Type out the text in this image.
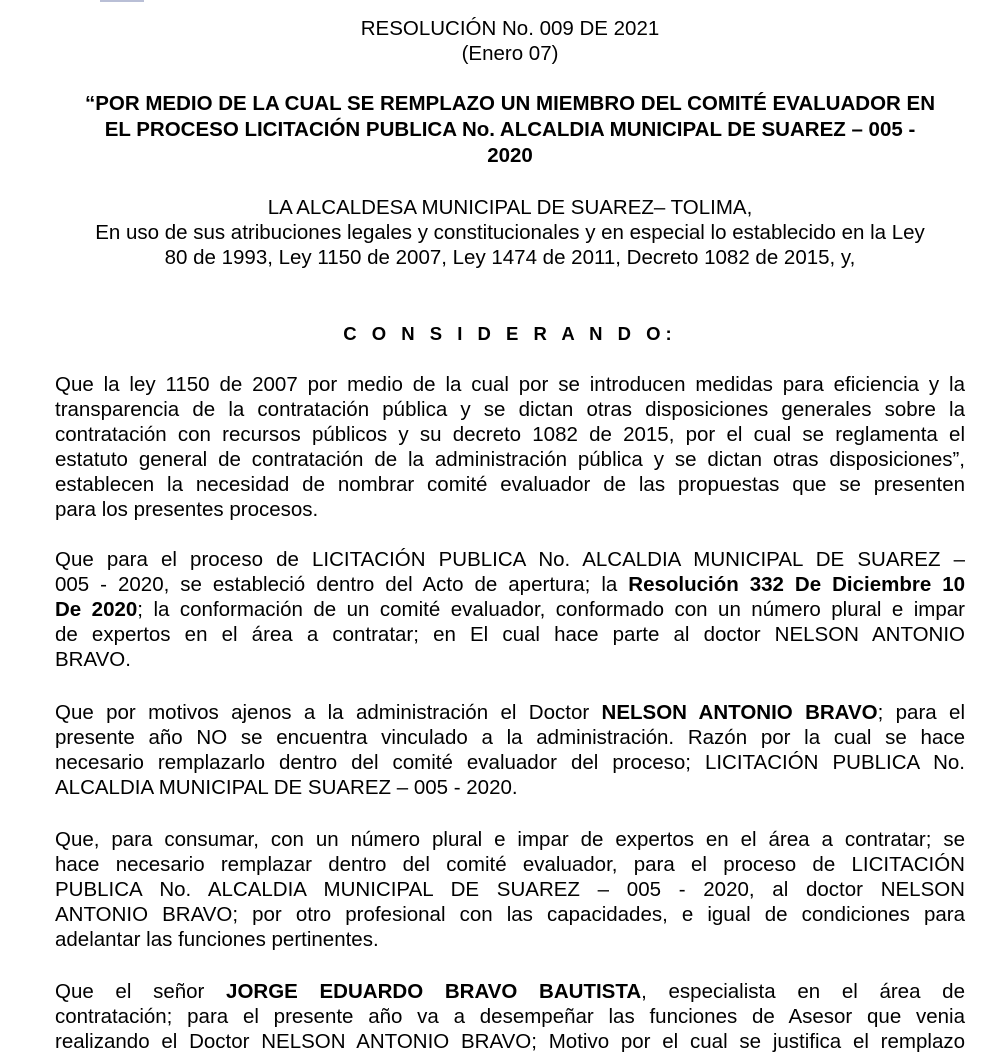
RESOLUCIÓN No. 009 DE 2021
(Enero 07)
“POR MEDIO DE LA CUAL SE REMPLAZO UN MIEMBRO DEL COMITÉ EVALUADOR EN
EL PROCESO LICITACIÓN PUBLICA No. ALCALDIA MUNICIPAL DE SUAREZ – 005 -
2020
LA ALCALDESA MUNICIPAL DE SUAREZ– TOLIMA,
En uso de sus atribuciones legales y constitucionales y en especial lo establecido en la Ley
80 de 1993, Ley 1150 de 2007, Ley 1474 de 2011, Decreto 1082 de 2015, y,
C O N S I D E R A N D O:
Que la ley 1150 de 2007 por medio de la cual por se introducen medidas para eficiencia y la
transparencia de la contratación pública y se dictan otras disposiciones generales sobre la
contratación con recursos públicos y su decreto 1082 de 2015, por el cual se reglamenta el
estatuto general de contratación de la administración pública y se dictan otras disposiciones”,
establecen la necesidad de nombrar comité evaluador de las propuestas que se presenten
para los presentes procesos.
Que para el proceso de LICITACIÓN PUBLICA No. ALCALDIA MUNICIPAL DE SUAREZ –
005 - 2020, se estableció dentro del Acto de apertura; la Resolución 332 De Diciembre 10
De 2020; la conformación de un comité evaluador, conformado con un número plural e impar
de expertos en el área a contratar; en El cual hace parte al doctor NELSON ANTONIO
BRAVO.
Que por motivos ajenos a la administración el Doctor NELSON ANTONIO BRAVO; para el
presente año NO se encuentra vinculado a la administración. Razón por la cual se hace
necesario remplazarlo dentro del comité evaluador del proceso; LICITACIÓN PUBLICA No.
ALCALDIA MUNICIPAL DE SUAREZ – 005 - 2020.
Que, para consumar, con un número plural e impar de expertos en el área a contratar; se
hace necesario remplazar dentro del comité evaluador, para el proceso de LICITACIÓN
PUBLICA No. ALCALDIA MUNICIPAL DE SUAREZ – 005 - 2020, al doctor NELSON
ANTONIO BRAVO; por otro profesional con las capacidades, e igual de condiciones para
adelantar las funciones pertinentes.
Que el señor JORGE EDUARDO BRAVO BAUTISTA, especialista en el área de
contratación; para el presente año va a desempeñar las funciones de Asesor que venia
realizando el Doctor NELSON ANTONIO BRAVO; Motivo por el cual se justifica el remplazo
